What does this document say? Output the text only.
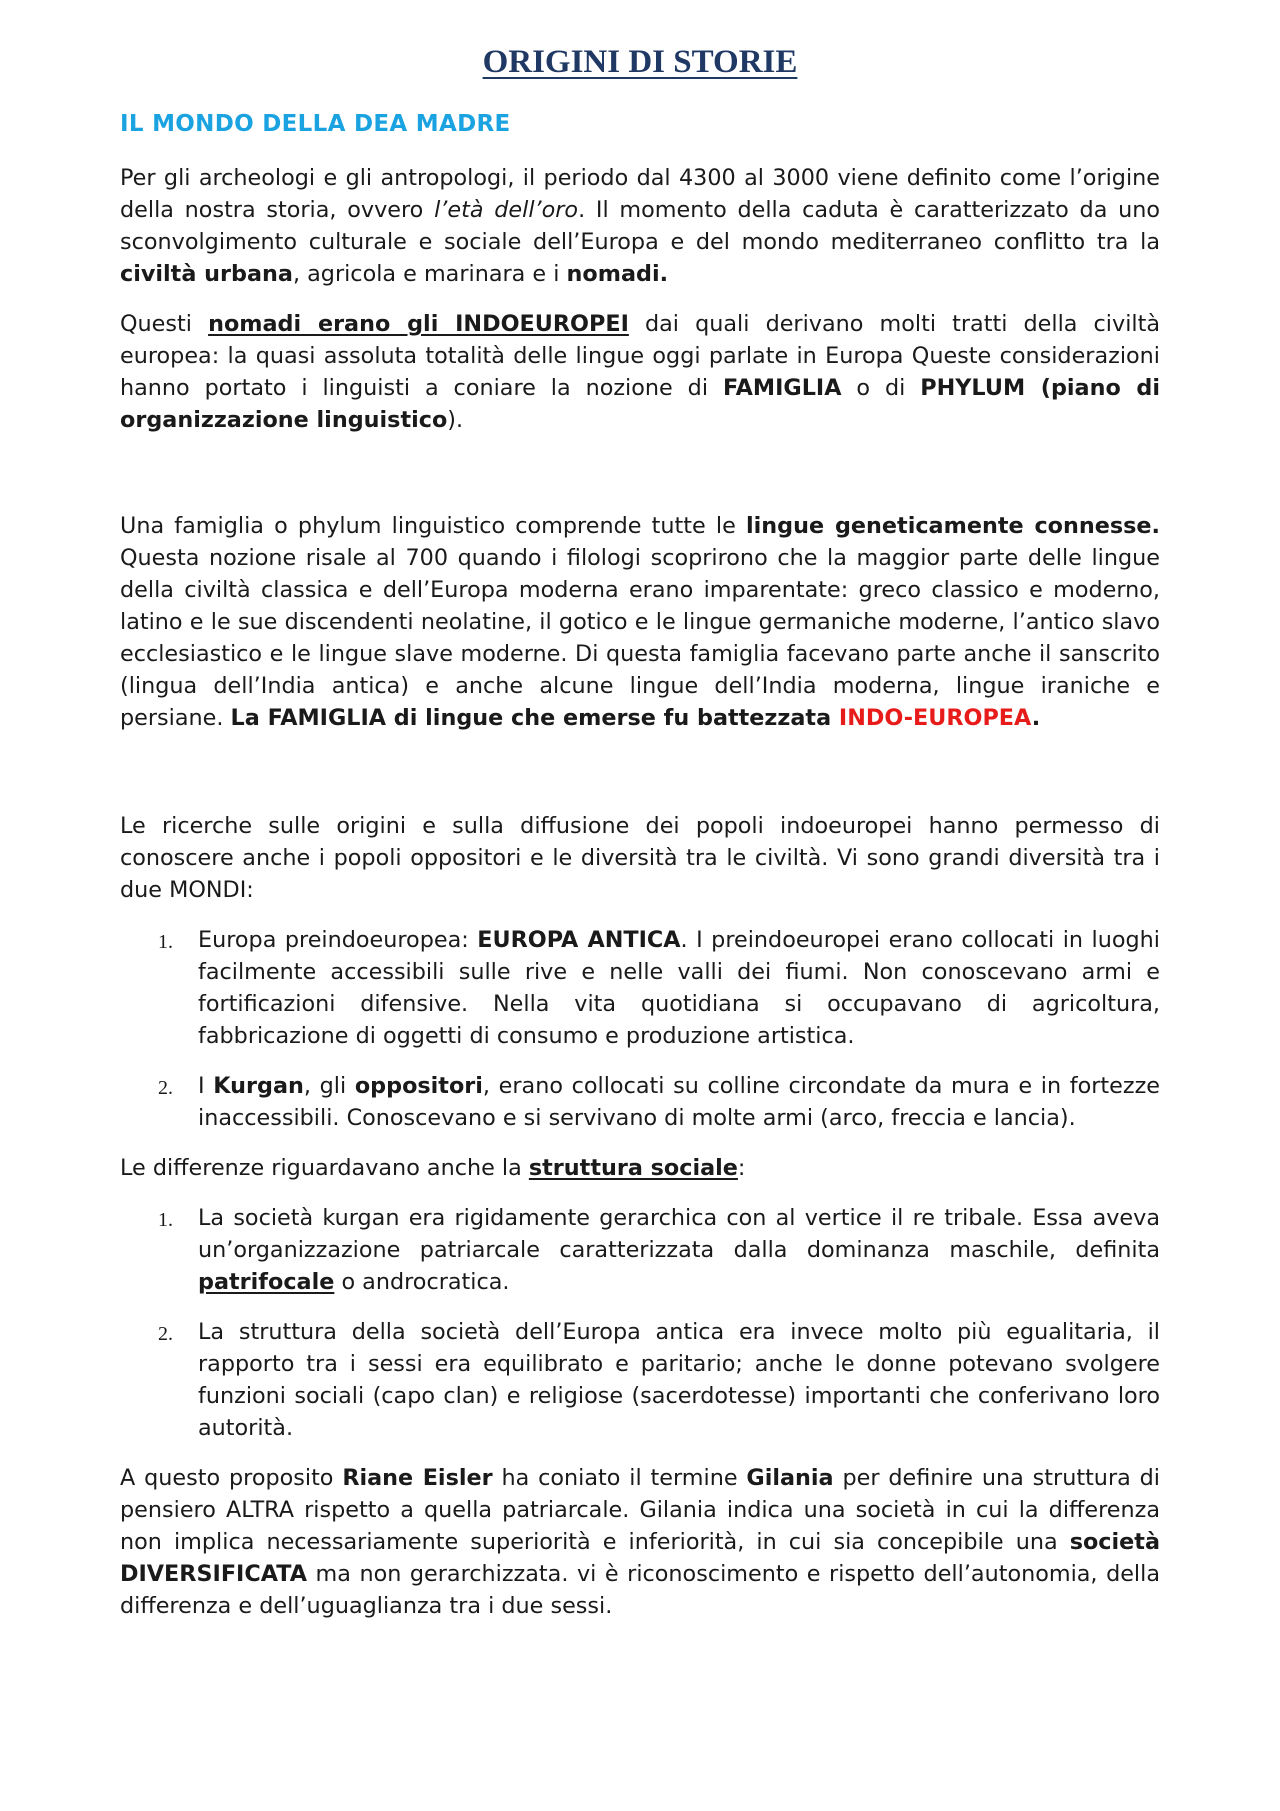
ORIGINI DI STORIE
IL MONDO DELLA DEA MADRE

Per gli archeologi e gli antropologi, il periodo dal 4300 al 3000 viene definito come l’origine della nostra storia, ovvero l’età dell’oro. Il momento della caduta è caratterizzato da uno sconvolgimento culturale e sociale dell’Europa e del mondo mediterraneo conflitto tra la civiltà urbana, agricola e marinara e i nomadi.

Questi nomadi erano gli INDOEUROPEI dai quali derivano molti tratti della civiltà europea: la quasi assoluta totalità delle lingue oggi parlate in Europa Queste considerazioni hanno portato i linguisti a coniare la nozione di FAMIGLIA o di PHYLUM (piano di organizzazione linguistico).

Una famiglia o phylum linguistico comprende tutte le lingue geneticamente connesse. Questa nozione risale al 700 quando i filologi scoprirono che la maggior parte delle lingue della civiltà classica e dell’Europa moderna erano imparentate: greco classico e moderno, latino e le sue discendenti neolatine, il gotico e le lingue germaniche moderne, l’antico slavo ecclesiastico e le lingue slave moderne. Di questa famiglia facevano parte anche il sanscrito (lingua dell’India antica) e anche alcune lingue dell’India moderna, lingue iraniche e persiane. La FAMIGLIA di lingue che emerse fu battezzata INDO-EUROPEA.

Le ricerche sulle origini e sulla diffusione dei popoli indoeuropei hanno permesso di conoscere anche i popoli oppositori e le diversità tra le civiltà. Vi sono grandi diversità tra i due MONDI:

1. Europa preindoeuropea: EUROPA ANTICA. I preindoeuropei erano collocati in luoghi facilmente accessibili sulle rive e nelle valli dei fiumi. Non conoscevano armi e fortificazioni difensive. Nella vita quotidiana si occupavano di agricoltura, fabbricazione di oggetti di consumo e produzione artistica.

2. I Kurgan, gli oppositori, erano collocati su colline circondate da mura e in fortezze inaccessibili. Conoscevano e si servivano di molte armi (arco, freccia e lancia).

Le differenze riguardavano anche la struttura sociale:

1. La società kurgan era rigidamente gerarchica con al vertice il re tribale. Essa aveva un’organizzazione patriarcale caratterizzata dalla dominanza maschile, definita patrifocale o androcratica.

2. La struttura della società dell’Europa antica era invece molto più egualitaria, il rapporto tra i sessi era equilibrato e paritario; anche le donne potevano svolgere funzioni sociali (capo clan) e religiose (sacerdotesse) importanti che conferivano loro autorità.

A questo proposito Riane Eisler ha coniato il termine Gilania per definire una struttura di pensiero ALTRA rispetto a quella patriarcale. Gilania indica una società in cui la differenza non implica necessariamente superiorità e inferiorità, in cui sia concepibile una società DIVERSIFICATA ma non gerarchizzata. vi è riconoscimento e rispetto dell’autonomia, della differenza e dell’uguaglianza tra i due sessi.
